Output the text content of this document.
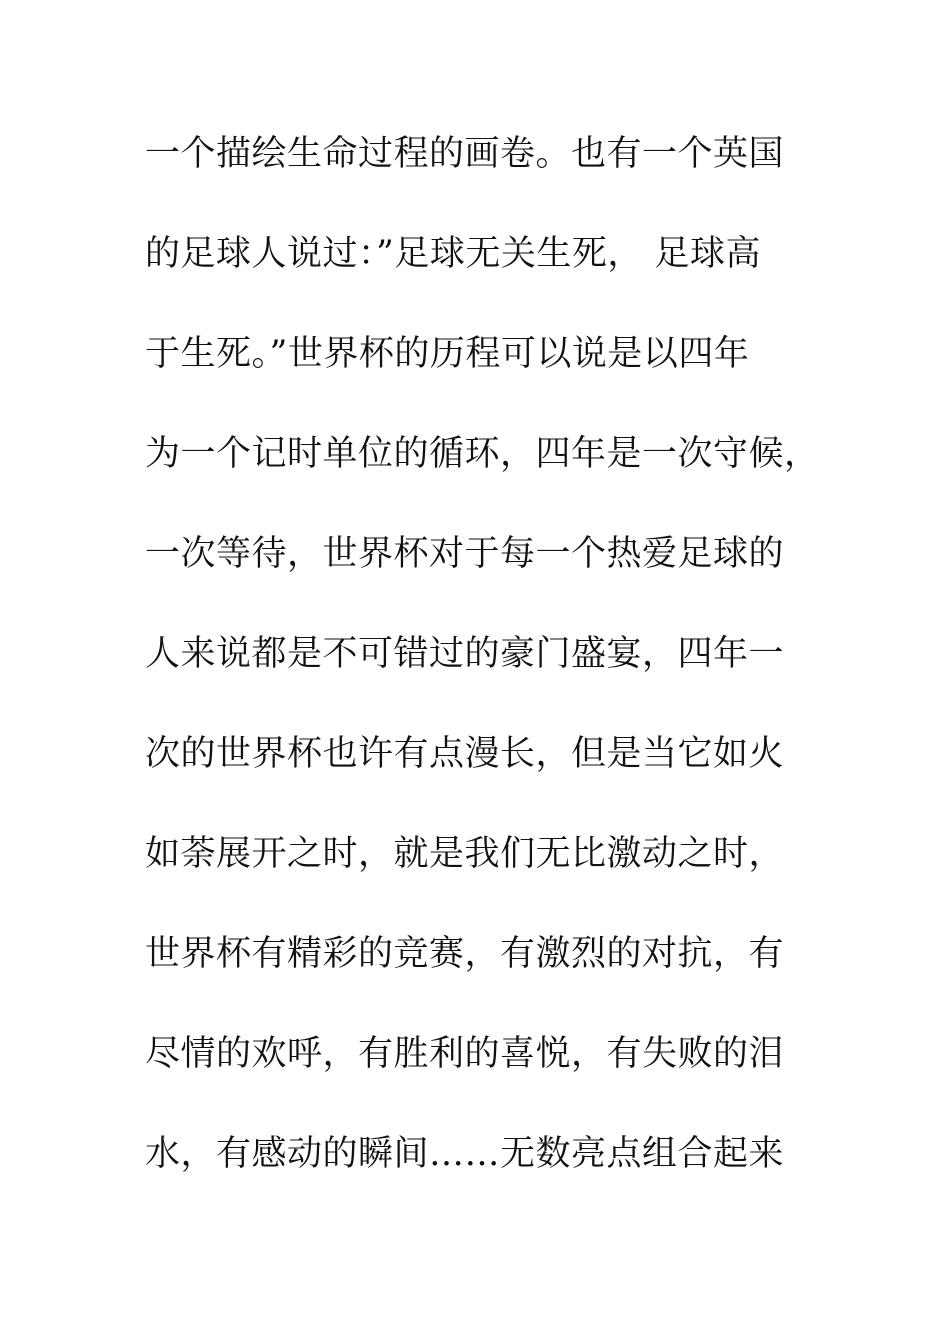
一个描绘生命过程的画卷。也有一个英国
的足球人说过：”足球无关生死， 足球高
于生死。”世界杯的历程可以说是以四年
为一个记时单位的循环，四年是一次守候，
一次等待，世界杯对于每一个热爱足球的
人来说都是不可错过的豪门盛宴，四年一
次的世界杯也许有点漫长，但是当它如火
如荼展开之时，就是我们无比激动之时，
世界杯有精彩的竞赛，有激烈的对抗，有
尽情的欢呼，有胜利的喜悦，有失败的泪
水，有感动的瞬间……无数亮点组合起来
